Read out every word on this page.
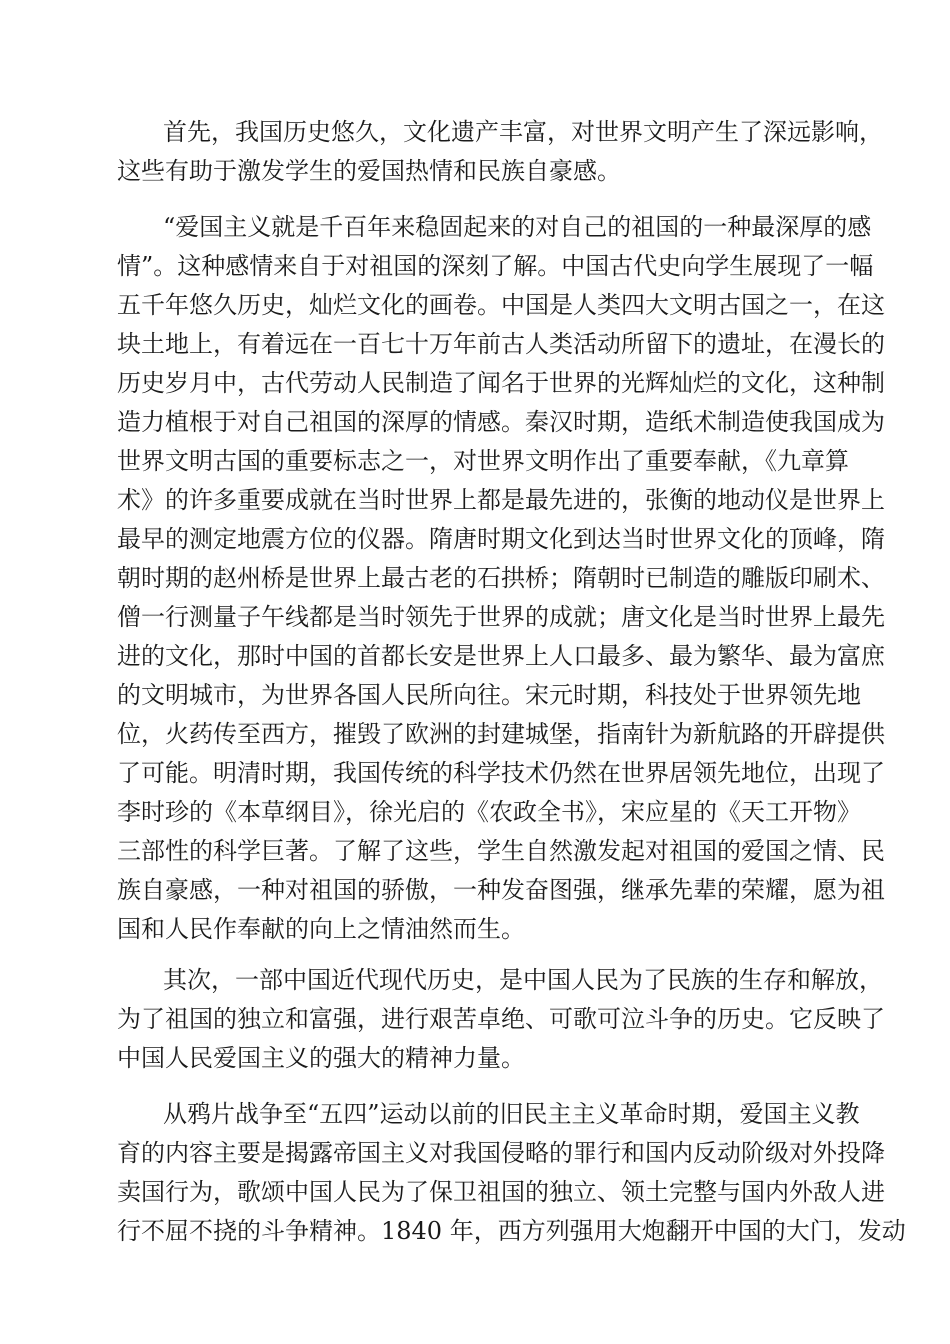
首先，我国历史悠久，文化遗产丰富，对世界文明产生了深远影响，
这些有助于激发学生的爱国热情和民族自豪感。
“爱国主义就是千百年来稳固起来的对自己的祖国的一种最深厚的感
情”。这种感情来自于对祖国的深刻了解。中国古代史向学生展现了一幅
五千年悠久历史，灿烂文化的画卷。中国是人类四大文明古国之一，在这
块土地上，有着远在一百七十万年前古人类活动所留下的遗址，在漫长的
历史岁月中，古代劳动人民制造了闻名于世界的光辉灿烂的文化，这种制
造力植根于对自己祖国的深厚的情感。秦汉时期，造纸术制造使我国成为
世界文明古国的重要标志之一，对世界文明作出了重要奉献，《九章算
术》的许多重要成就在当时世界上都是最先进的，张衡的地动仪是世界上
最早的测定地震方位的仪器。隋唐时期文化到达当时世界文化的顶峰，隋
朝时期的赵州桥是世界上最古老的石拱桥；隋朝时已制造的雕版印刷术、
僧一行测量子午线都是当时领先于世界的成就；唐文化是当时世界上最先
进的文化，那时中国的首都长安是世界上人口最多、最为繁华、最为富庶
的文明城市，为世界各国人民所向往。宋元时期，科技处于世界领先地
位，火药传至西方，摧毁了欧洲的封建城堡，指南针为新航路的开辟提供
了可能。明清时期，我国传统的科学技术仍然在世界居领先地位，出现了
李时珍的《本草纲目》，徐光启的《农政全书》，宋应星的《天工开物》
三部性的科学巨著。了解了这些，学生自然激发起对祖国的爱国之情、民
族自豪感，一种对祖国的骄傲，一种发奋图强，继承先辈的荣耀，愿为祖
国和人民作奉献的向上之情油然而生。
其次，一部中国近代现代历史，是中国人民为了民族的生存和解放，
为了祖国的独立和富强，进行艰苦卓绝、可歌可泣斗争的历史。它反映了
中国人民爱国主义的强大的精神力量。
从鸦片战争至“五四”运动以前的旧民主主义革命时期，爱国主义教
育的内容主要是揭露帝国主义对我国侵略的罪行和国内反动阶级对外投降
卖国行为，歌颂中国人民为了保卫祖国的独立、领土完整与国内外敌人进
行不屈不挠的斗争精神。1840 年，西方列强用大炮翻开中国的大门，发动
